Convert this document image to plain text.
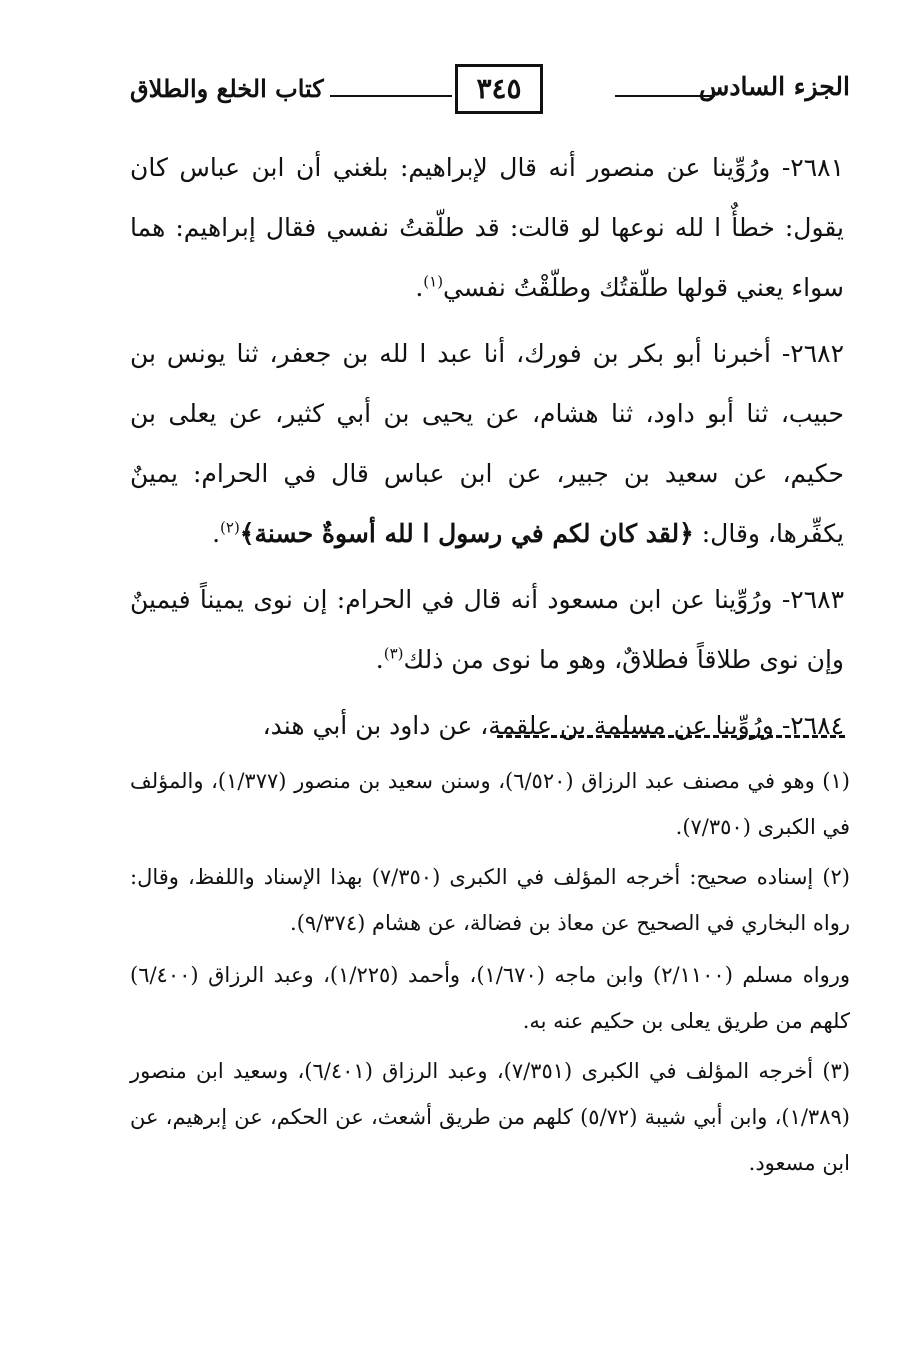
الجزء السادس
٣٤٥
كتاب الخلع والطلاق

٢٦٨١- ورُوِّينا عن منصور أنه قال لإبراهيم: بلغني أن ابن عباس كان يقول: خطأٌ ا لله نوعها لو قالت: قد طلّقتُ نفسي فقال إبراهيم: هما سواء يعني قولها طلّقتُك وطلّقْتُ نفسي$^{(١)}$.

٢٦٨٢- أخبرنا أبو بكر بن فورك، أنا عبد ا لله بن جعفر، ثنا يونس بن حبيب، ثنا أبو داود، ثنا هشام، عن يحيى بن أبي كثير، عن يعلى بن حكيم، عن سعيد بن جبير، عن ابن عباس قال في الحرام: يمينٌ يكفِّرها، وقال: ﴿لقد كان لكم في رسول ا لله أسوةٌ حسنة﴾$^{(٢)}$.

٢٦٨٣- ورُوِّينا عن ابن مسعود أنه قال في الحرام: إن نوى يميناً فيمينٌ وإن نوى طلاقاً فطلاقٌ، وهو ما نوى من ذلك$^{(٣)}$.

٢٦٨٤- ورُوِّينا عن مسلمة بن علقمة، عن داود بن أبي هند،

(١) وهو في مصنف عبد الرزاق (٦/٥٢٠)، وسنن سعيد بن منصور (١/٣٧٧)، والمؤلف في الكبرى (٧/٣٥٠).

(٢) إسناده صحيح: أخرجه المؤلف في الكبرى (٧/٣٥٠) بهذا الإسناد واللفظ، وقال: رواه البخاري في الصحيح عن معاذ بن فضالة، عن هشام (٩/٣٧٤).

ورواه مسلم (٢/١١٠٠) وابن ماجه (١/٦٧٠)، وأحمد (١/٢٢٥)، وعبد الرزاق (٦/٤٠٠) كلهم من طريق يعلى بن حكيم عنه به.

(٣) أخرجه المؤلف في الكبرى (٧/٣٥١)، وعبد الرزاق (٦/٤٠١)، وسعيد ابن منصور (١/٣٨٩)، وابن أبي شيبة (٥/٧٢) كلهم من طريق أشعث، عن الحكم، عن إبرهيم، عن ابن مسعود.
